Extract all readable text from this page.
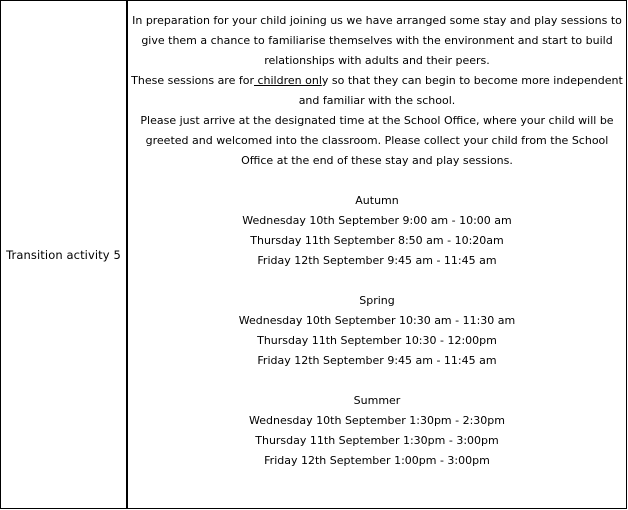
Transition activity 5

In preparation for your child joining us we have arranged some stay and play sessions to give them a chance to familiarise themselves with the environment and start to build relationships with adults and their peers.

These sessions are for children only so that they can begin to become more independent and familiar with the school.

Please just arrive at the designated time at the School Office, where your child will be greeted and welcomed into the classroom. Please collect your child from the School Office at the end of these stay and play sessions.

Autumn
Wednesday 10th September 9:00 am - 10:00 am
Thursday 11th September 8:50 am - 10:20am
Friday 12th September 9:45 am - 11:45 am
Spring
Wednesday 10th September 10:30 am - 11:30 am
Thursday 11th September 10:30 - 12:00pm
Friday 12th September 9:45 am - 11:45 am
Summer
Wednesday 10th September 1:30pm - 2:30pm
Thursday 11th September 1:30pm - 3:00pm
Friday 12th September 1:00pm - 3:00pm
